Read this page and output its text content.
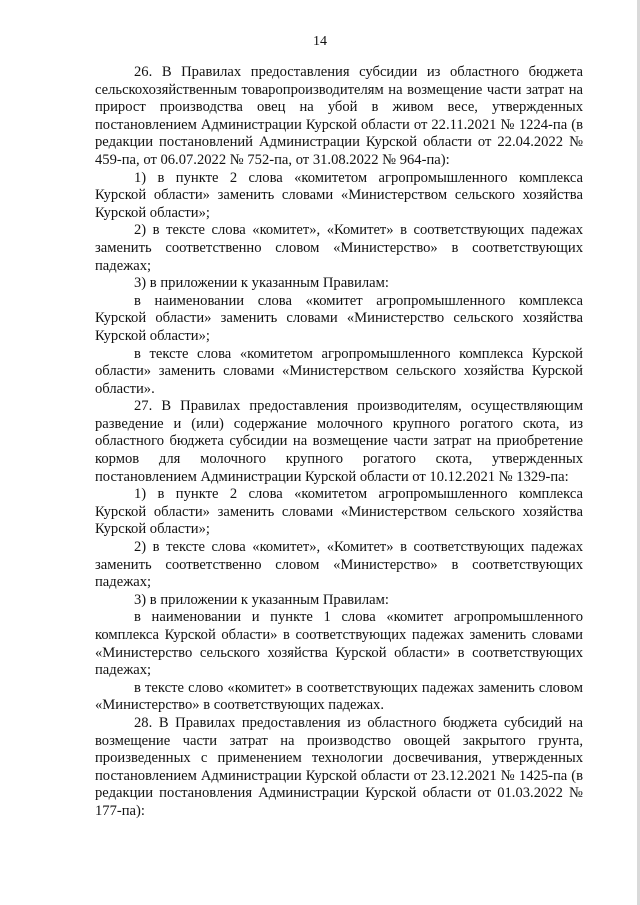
14

26. В Правилах предоставления субсидии из областного бюджета сельскохозяйственным товаропроизводителям на возмещение части затрат на прирост производства овец на убой в живом весе, утвержденных постановлением Администрации Курской области от 22.11.2021 № 1224-па (в редакции постановлений Администрации Курской области от 22.04.2022 № 459-па, от 06.07.2022 № 752-па, от 31.08.2022 № 964-па):

1) в пункте 2 слова «комитетом агропромышленного комплекса Курской области» заменить словами «Министерством сельского хозяйства Курской области»;

2) в тексте слова «комитет», «Комитет» в соответствующих падежах заменить соответственно словом «Министерство» в соответствующих падежах;

3) в приложении к указанным Правилам:

в наименовании слова «комитет агропромышленного комплекса Курской области» заменить словами «Министерство сельского хозяйства Курской области»;

в тексте слова «комитетом агропромышленного комплекса Курской области» заменить словами «Министерством сельского хозяйства Курской области».

27. В Правилах предоставления производителям, осуществляющим разведение и (или) содержание молочного крупного рогатого скота, из областного бюджета субсидии на возмещение части затрат на приобретение кормов для молочного крупного рогатого скота, утвержденных постановлением Администрации Курской области от 10.12.2021 № 1329-па:

1) в пункте 2 слова «комитетом агропромышленного комплекса Курской области» заменить словами «Министерством сельского хозяйства Курской области»;

2) в тексте слова «комитет», «Комитет» в соответствующих падежах заменить соответственно словом «Министерство» в соответствующих падежах;

3) в приложении к указанным Правилам:

в наименовании и пункте 1 слова «комитет агропромышленного комплекса Курской области» в соответствующих падежах заменить словами «Министерство сельского хозяйства Курской области» в соответствующих падежах;

в тексте слово «комитет» в соответствующих падежах заменить словом «Министерство» в соответствующих падежах.

28. В Правилах предоставления из областного бюджета субсидий на возмещение части затрат на производство овощей закрытого грунта, произведенных с применением технологии досвечивания, утвержденных постановлением Администрации Курской области от 23.12.2021 № 1425-па (в редакции постановления Администрации Курской области от 01.03.2022 № 177-па):
